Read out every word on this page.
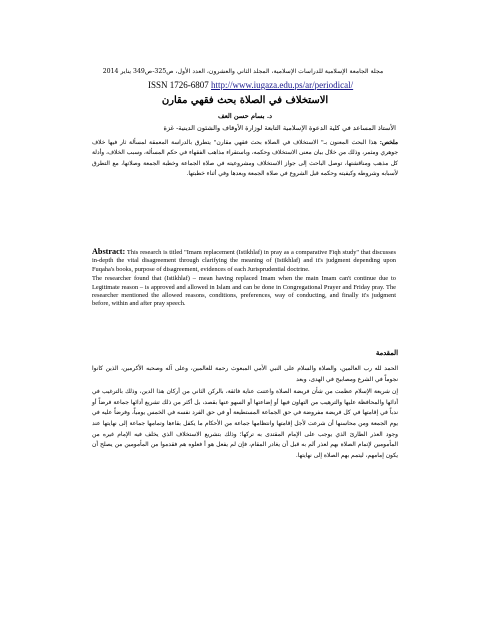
مجلة الجامعة الإسلامية للدراسات الإسلامية، المجلد الثاني والعشرون، العدد الأول، ص325-ص349 يناير 2014
ISSN 1726-6807 http://www.iugaza.edu.ps/ar/periodical/
الاستخلاف في الصلاة بحث فقهي مقارن
د. بسام حسن العف
الأستاذ المساعد في كلية الدعوة الإسلامية التابعة لوزارة الأوقاف والشئون الدينية- غزة
ملخص: هذا البحث المعنون بـ" الاستخلاف في الصلاة بحث فقهي مقارن" يتطرق بالدراسة المعمقة لمسألة ثار فيها خلاف جوهري ومثمر، وذلك من خلال بيان معنى الاستخلاف وحكمه، وباستقراء مذاهب الفقهاء في حكم المسألة، وسبب الخلاف، وأدلة كل مذهب ومناقشتها، توصل الباحث إلى جواز الاستخلاف ومشروعيته في صلاة الجماعة وخطبة الجمعة وصلاتها، مع التطرق لأسبابه وشروطه وكيفيته وحكمه قبل الشروع في صلاة الجمعة وبعدها وفي أثناء خطبتها.

Abstract: This research is titled "Imam replacement (Istikhlaf) in pray as a comparative Fiqh study" that discusses in-depth the vital disagreement through clarifying the meaning of (Istikhlaf) and it's judgment depending upon Fuqaha's books, purpose of disagreement, evidences of each Jurisprudential doctrine.

The researcher found that (Istikhlaf) – mean having replaced Imam when the main Imam can't continue due to Legitimate reason – is approved and allowed in Islam and can be done in Congregational Prayer and Friday pray. The researcher mentioned the allowed reasons, conditions, preferences, way of conducting, and finally it's judgment before, within and after pray speech.

المقدمة

الحمد لله رب العالمين، والصلاة والسلام على النبي الأمي المبعوث رحمة للعالمين، وعلى آله وصحبه الأكرمين، الذين كانوا نجوماً في الشرع ومصابيح في الهدى، وبعد

إن شريعة الإسلام عظمت من شأن فريضة الصلاة واعتنت عناية فائقة، بالركن الثاني من أركان هذا الدين، وذلك بالترغيب في أدائها والمحافظة عليها والترهيب من التهاون فيها أو إضاعتها أو السهو عنها بقصد، بل أكثر من ذلك تشريع أدائها جماعة فرضاً أو ندباً في إقامتها في كل فريضة مفروضة في حق الجماعة المستطيعة أو في حق الفرد نفسه في الخمس يومياً، وفرضاً عليه في يوم الجمعة ومن محاسنها أن شرعت لأجل إقامتها وانتظامها جماعة من الأحكام ما يكفل بقاءها وتمامها جماعة إلى نهايتها عند وجود العذر الطارئ الذي يوجب على الإمام المقتدى به تركها؛ وذلك بتشريع الاستخلاف الذي يخلف فيه الإمام غيره من المأمومين لإتمام الصلاة بهم لعذر ألم به قبل أن يغادر المقام، فإن لم يفعل هو أ فعلوه هم فقدموا من المأمومين من يصلح أن يكون إمامهم، ليتمم بهم الصلاة إلى نهايتها.
